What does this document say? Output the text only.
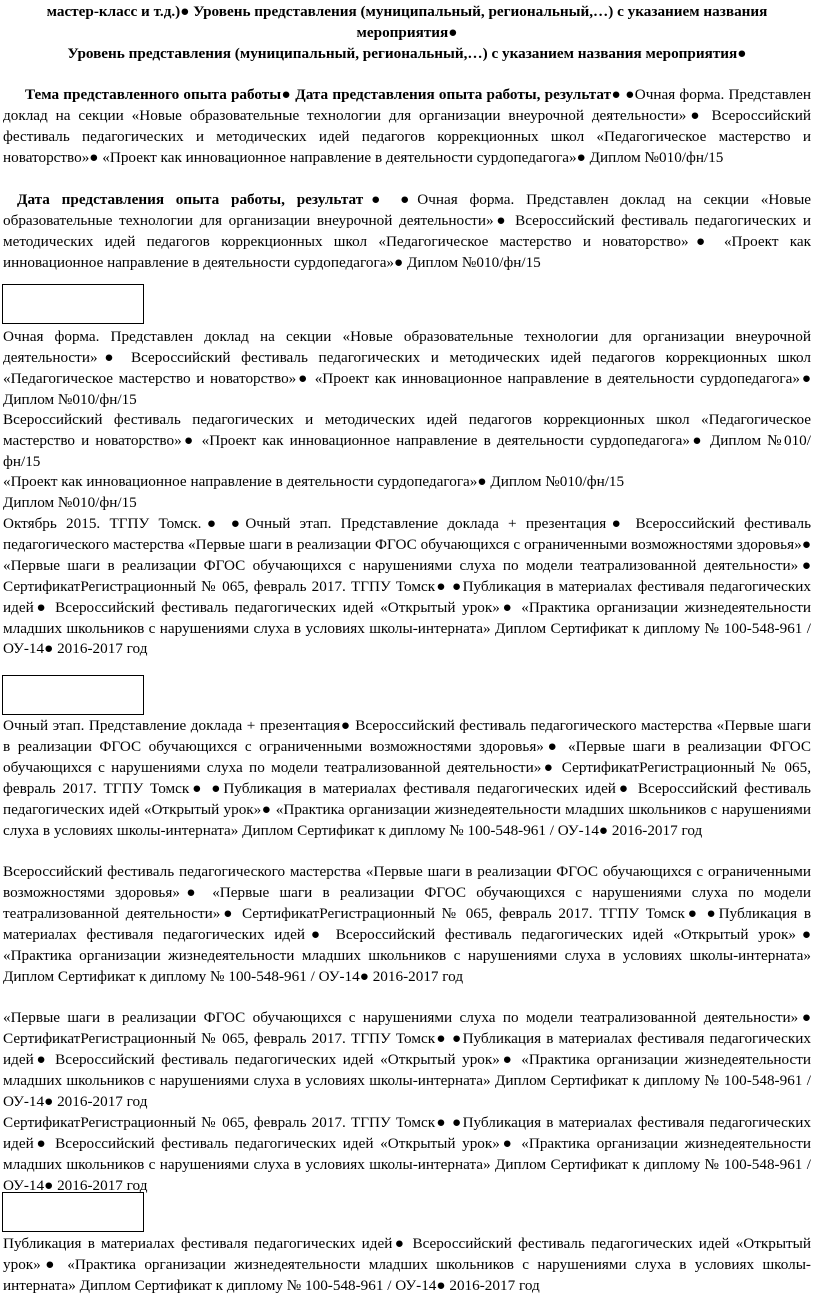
мастер-класс и т.д.)● Уровень представления (муниципальный, региональный,…) с указанием названия мероприятия●
Уровень представления (муниципальный, региональный,…) с указанием названия мероприятия●

Тема представленного опыта работы● Дата представления опыта работы, результат● ●Очная форма. Представлен доклад на секции «Новые образовательные технологии для организации внеурочной деятельности»● Всероссийский фестиваль педагогических и методических идей педагогов коррекционных школ «Педагогическое мастерство и новаторство»● «Проект как инновационное направление в деятельности сурдопедагога»● Диплом №010/фн/15

Дата представления опыта работы, результат● ●Очная форма. Представлен доклад на секции «Новые образовательные технологии для организации внеурочной деятельности»● Всероссийский фестиваль педагогических и методических идей педагогов коррекционных школ «Педагогическое мастерство и новаторство»● «Проект как инновационное направление в деятельности сурдопедагога»● Диплом №010/фн/15

Очная форма. Представлен доклад на секции «Новые образовательные технологии для организации внеурочной деятельности»● Всероссийский фестиваль педагогических и методических идей педагогов коррекционных школ «Педагогическое мастерство и новаторство»● «Проект как инновационное направление в деятельности сурдопедагога»● Диплом №010/фн/15

Всероссийский фестиваль педагогических и методических идей педагогов коррекционных школ «Педагогическое мастерство и новаторство»● «Проект как инновационное направление в деятельности сурдопедагога»● Диплом №010/фн/15

«Проект как инновационное направление в деятельности сурдопедагога»● Диплом №010/фн/15

Диплом №010/фн/15

Октябрь 2015. ТГПУ Томск.● ●Очный этап. Представление доклада + презентация● Всероссийский фестиваль педагогического мастерства «Первые шаги в реализации ФГОС обучающихся с ограниченными возможностями здоровья»● «Первые шаги в реализации ФГОС обучающихся с нарушениями слуха по модели театрализованной деятельности»● СертификатРегистрационный № 065, февраль 2017. ТГПУ Томск● ●Публикация в материалах фестиваля педагогических идей● Всероссийский фестиваль педагогических идей «Открытый урок»● «Практика организации жизнедеятельности младших школьников с нарушениями слуха в условиях школы-интерната» Диплом Сертификат к диплому № 100-548-961 / ОУ-14● 2016-2017 год

Очный этап. Представление доклада + презентация● Всероссийский фестиваль педагогического мастерства «Первые шаги в реализации ФГОС обучающихся с ограниченными возможностями здоровья»● «Первые шаги в реализации ФГОС обучающихся с нарушениями слуха по модели театрализованной деятельности»● СертификатРегистрационный № 065, февраль 2017. ТГПУ Томск● ●Публикация в материалах фестиваля педагогических идей● Всероссийский фестиваль педагогических идей «Открытый урок»● «Практика организации жизнедеятельности младших школьников с нарушениями слуха в условиях школы-интерната» Диплом Сертификат к диплому № 100-548-961 / ОУ-14● 2016-2017 год

Всероссийский фестиваль педагогического мастерства «Первые шаги в реализации ФГОС обучающихся с ограниченными возможностями здоровья»● «Первые шаги в реализации ФГОС обучающихся с нарушениями слуха по модели театрализованной деятельности»● СертификатРегистрационный № 065, февраль 2017. ТГПУ Томск● ●Публикация в материалах фестиваля педагогических идей● Всероссийский фестиваль педагогических идей «Открытый урок»● «Практика организации жизнедеятельности младших школьников с нарушениями слуха в условиях школы-интерната» Диплом Сертификат к диплому № 100-548-961 / ОУ-14● 2016-2017 год

«Первые шаги в реализации ФГОС обучающихся с нарушениями слуха по модели театрализованной деятельности»● СертификатРегистрационный № 065, февраль 2017. ТГПУ Томск● ●Публикация в материалах фестиваля педагогических идей● Всероссийский фестиваль педагогических идей «Открытый урок»● «Практика организации жизнедеятельности младших школьников с нарушениями слуха в условиях школы-интерната» Диплом Сертификат к диплому № 100-548-961 / ОУ-14● 2016-2017 год

СертификатРегистрационный № 065, февраль 2017. ТГПУ Томск● ●Публикация в материалах фестиваля педагогических идей● Всероссийский фестиваль педагогических идей «Открытый урок»● «Практика организации жизнедеятельности младших школьников с нарушениями слуха в условиях школы-интерната» Диплом Сертификат к диплому № 100-548-961 / ОУ-14● 2016-2017 год

Публикация в материалах фестиваля педагогических идей● Всероссийский фестиваль педагогических идей «Открытый урок»● «Практика организации жизнедеятельности младших школьников с нарушениями слуха в условиях школы-интерната» Диплом Сертификат к диплому № 100-548-961 / ОУ-14● 2016-2017 год
